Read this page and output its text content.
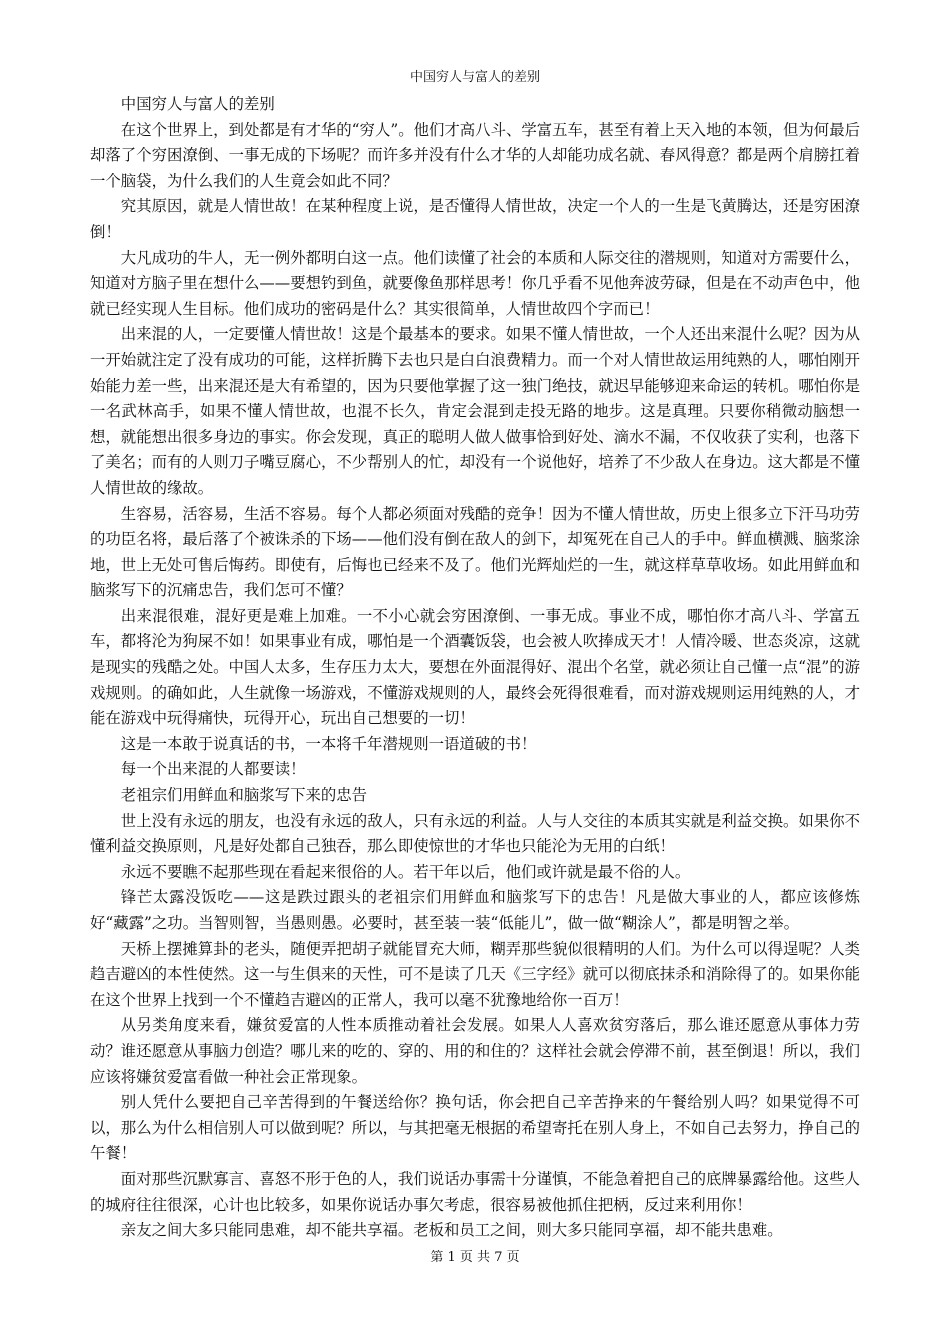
中国穷人与富人的差别

中国穷人与富人的差别

在这个世界上，到处都是有才华的“穷人”。他们才高八斗、学富五车，甚至有着上天入地的本领，但为何最后却落了个穷困潦倒、一事无成的下场呢？而许多并没有什么才华的人却能功成名就、春风得意？都是两个肩膀扛着一个脑袋，为什么我们的人生竟会如此不同？

究其原因，就是人情世故！在某种程度上说，是否懂得人情世故，决定一个人的一生是飞黄腾达，还是穷困潦倒！

大凡成功的牛人，无一例外都明白这一点。他们读懂了社会的本质和人际交往的潜规则，知道对方需要什么，知道对方脑子里在想什么——要想钓到鱼，就要像鱼那样思考！你几乎看不见他奔波劳碌，但是在不动声色中，他就已经实现人生目标。他们成功的密码是什么？其实很简单，人情世故四个字而已！

出来混的人，一定要懂人情世故！这是个最基本的要求。如果不懂人情世故，一个人还出来混什么呢？因为从一开始就注定了没有成功的可能，这样折腾下去也只是白白浪费精力。而一个对人情世故运用纯熟的人，哪怕刚开始能力差一些，出来混还是大有希望的，因为只要他掌握了这一独门绝技，就迟早能够迎来命运的转机。哪怕你是一名武林高手，如果不懂人情世故，也混不长久，肯定会混到走投无路的地步。这是真理。只要你稍微动脑想一想，就能想出很多身边的事实。你会发现，真正的聪明人做人做事恰到好处、滴水不漏，不仅收获了实利，也落下了美名；而有的人则刀子嘴豆腐心，不少帮别人的忙，却没有一个说他好，培养了不少敌人在身边。这大都是不懂人情世故的缘故。

生容易，活容易，生活不容易。每个人都必须面对残酷的竞争！因为不懂人情世故，历史上很多立下汗马功劳的功臣名将，最后落了个被诛杀的下场——他们没有倒在敌人的剑下，却冤死在自己人的手中。鲜血横溅、脑浆涂地，世上无处可售后悔药。即使有，后悔也已经来不及了。他们光辉灿烂的一生，就这样草草收场。如此用鲜血和脑浆写下的沉痛忠告，我们怎可不懂？

出来混很难，混好更是难上加难。一不小心就会穷困潦倒、一事无成。事业不成，哪怕你才高八斗、学富五车，都将沦为狗屎不如！如果事业有成，哪怕是一个酒囊饭袋，也会被人吹捧成天才！人情冷暖、世态炎凉，这就是现实的残酷之处。中国人太多，生存压力太大，要想在外面混得好、混出个名堂，就必须让自己懂一点“混”的游戏规则。的确如此，人生就像一场游戏，不懂游戏规则的人，最终会死得很难看，而对游戏规则运用纯熟的人，才能在游戏中玩得痛快，玩得开心，玩出自己想要的一切！

这是一本敢于说真话的书，一本将千年潜规则一语道破的书！

每一个出来混的人都要读！

老祖宗们用鲜血和脑浆写下来的忠告

世上没有永远的朋友，也没有永远的敌人，只有永远的利益。人与人交往的本质其实就是利益交换。如果你不懂利益交换原则，凡是好处都自己独吞，那么即使惊世的才华也只能沦为无用的白纸！

永远不要瞧不起那些现在看起来很俗的人。若干年以后，他们或许就是最不俗的人。

锋芒太露没饭吃——这是跌过跟头的老祖宗们用鲜血和脑浆写下的忠告！凡是做大事业的人，都应该修炼好“藏露”之功。当智则智，当愚则愚。必要时，甚至装一装“低能儿”，做一做“糊涂人”，都是明智之举。

天桥上摆摊算卦的老头，随便弄把胡子就能冒充大师，糊弄那些貌似很精明的人们。为什么可以得逞呢？人类趋吉避凶的本性使然。这一与生俱来的天性，可不是读了几天《三字经》就可以彻底抹杀和消除得了的。如果你能在这个世界上找到一个不懂趋吉避凶的正常人，我可以毫不犹豫地给你一百万！

从另类角度来看，嫌贫爱富的人性本质推动着社会发展。如果人人喜欢贫穷落后，那么谁还愿意从事体力劳动？谁还愿意从事脑力创造？哪儿来的吃的、穿的、用的和住的？这样社会就会停滞不前，甚至倒退！所以，我们应该将嫌贫爱富看做一种社会正常现象。

别人凭什么要把自己辛苦得到的午餐送给你？换句话，你会把自己辛苦挣来的午餐给别人吗？如果觉得不可以，那么为什么相信别人可以做到呢？所以，与其把毫无根据的希望寄托在别人身上，不如自己去努力，挣自己的午餐！

面对那些沉默寡言、喜怒不形于色的人，我们说话办事需十分谨慎，不能急着把自己的底牌暴露给他。这些人的城府往往很深，心计也比较多，如果你说话办事欠考虑，很容易被他抓住把柄，反过来利用你！

亲友之间大多只能同患难，却不能共享福。老板和员工之间，则大多只能同享福，却不能共患难。

第 1 页 共 7 页
